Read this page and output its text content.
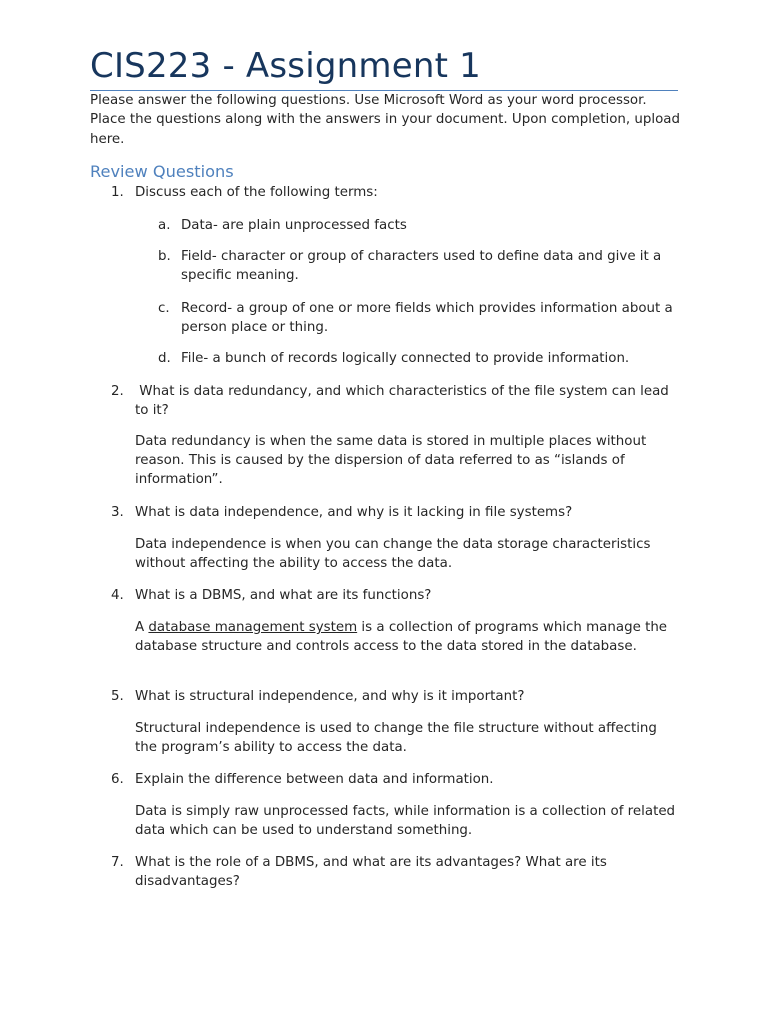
CIS223 - Assignment 1

Please answer the following questions. Use Microsoft Word as your word processor. Place the questions along with the answers in your document. Upon completion, upload here.

Review Questions
1. Discuss each of the following terms:
a. Data- are plain unprocessed facts
b. Field- character or group of characters used to define data and give it a specific meaning.
c. Record- a group of one or more fields which provides information about a person place or thing.
d. File- a bunch of records logically connected to provide information.
2. What is data redundancy, and which characteristics of the file system can lead to it?
Data redundancy is when the same data is stored in multiple places without reason. This is caused by the dispersion of data referred to as “islands of information”.
3. What is data independence, and why is it lacking in file systems?
Data independence is when you can change the data storage characteristics without affecting the ability to access the data.
4. What is a DBMS, and what are its functions?
A database management system is a collection of programs which manage the database structure and controls access to the data stored in the database.
5. What is structural independence, and why is it important?
Structural independence is used to change the file structure without affecting the program’s ability to access the data.
6. Explain the difference between data and information.
Data is simply raw unprocessed facts, while information is a collection of related data which can be used to understand something.
7. What is the role of a DBMS, and what are its advantages? What are its disadvantages?
